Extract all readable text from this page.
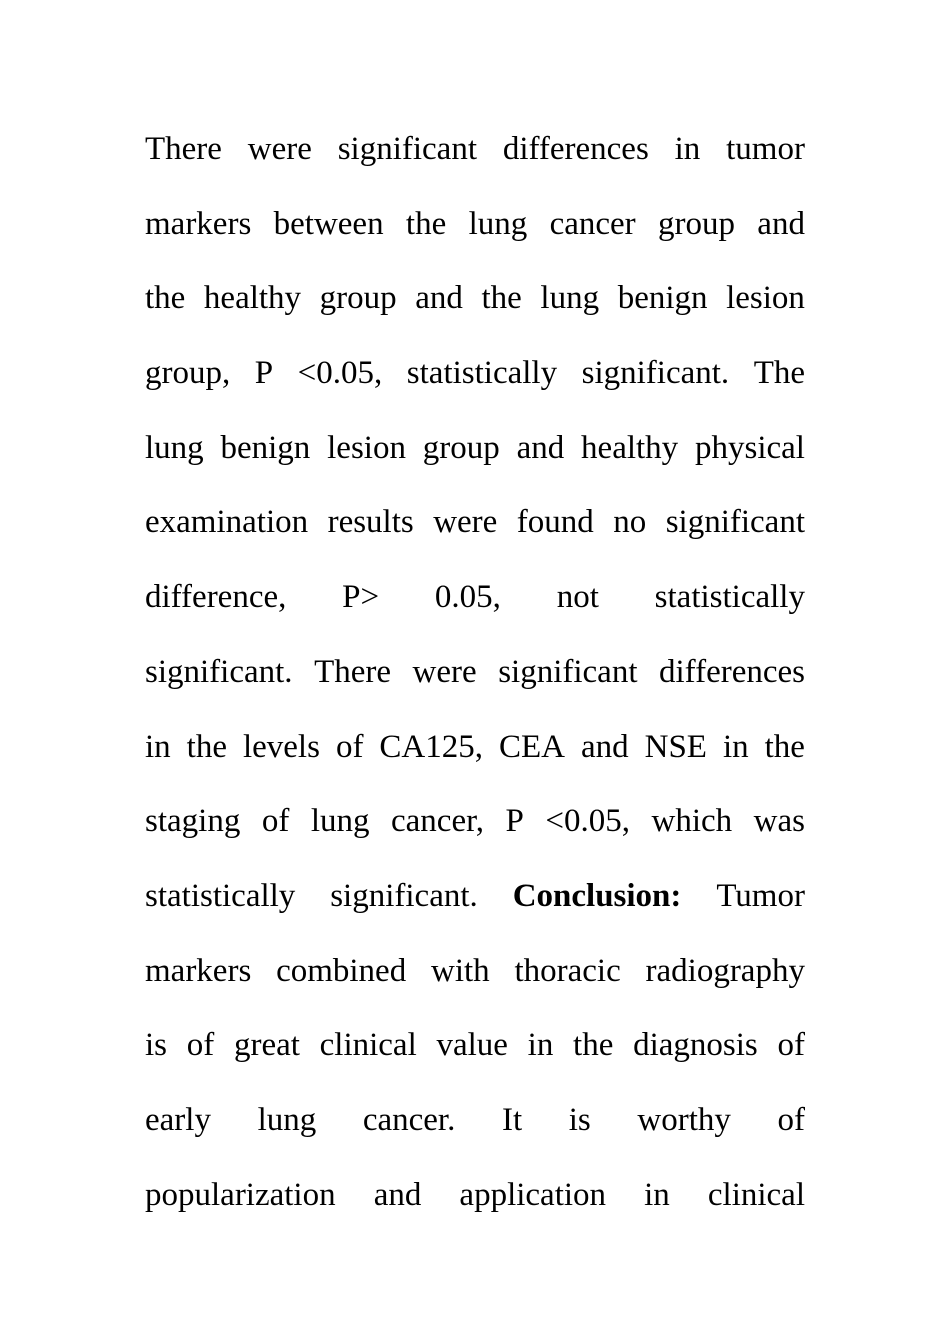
There were significant differences in tumor
markers between the lung cancer group and
the healthy group and the lung benign lesion
group, P <0.05, statistically significant. The
lung benign lesion group and healthy physical
examination results were found no significant
difference, P> 0.05, not statistically
significant. There were significant differences
in the levels of CA125, CEA and NSE in the
staging of lung cancer, P <0.05, which was
statistically significant. Conclusion: Tumor
markers combined with thoracic radiography
is of great clinical value in the diagnosis of
early lung cancer. It is worthy of
popularization and application in clinical
